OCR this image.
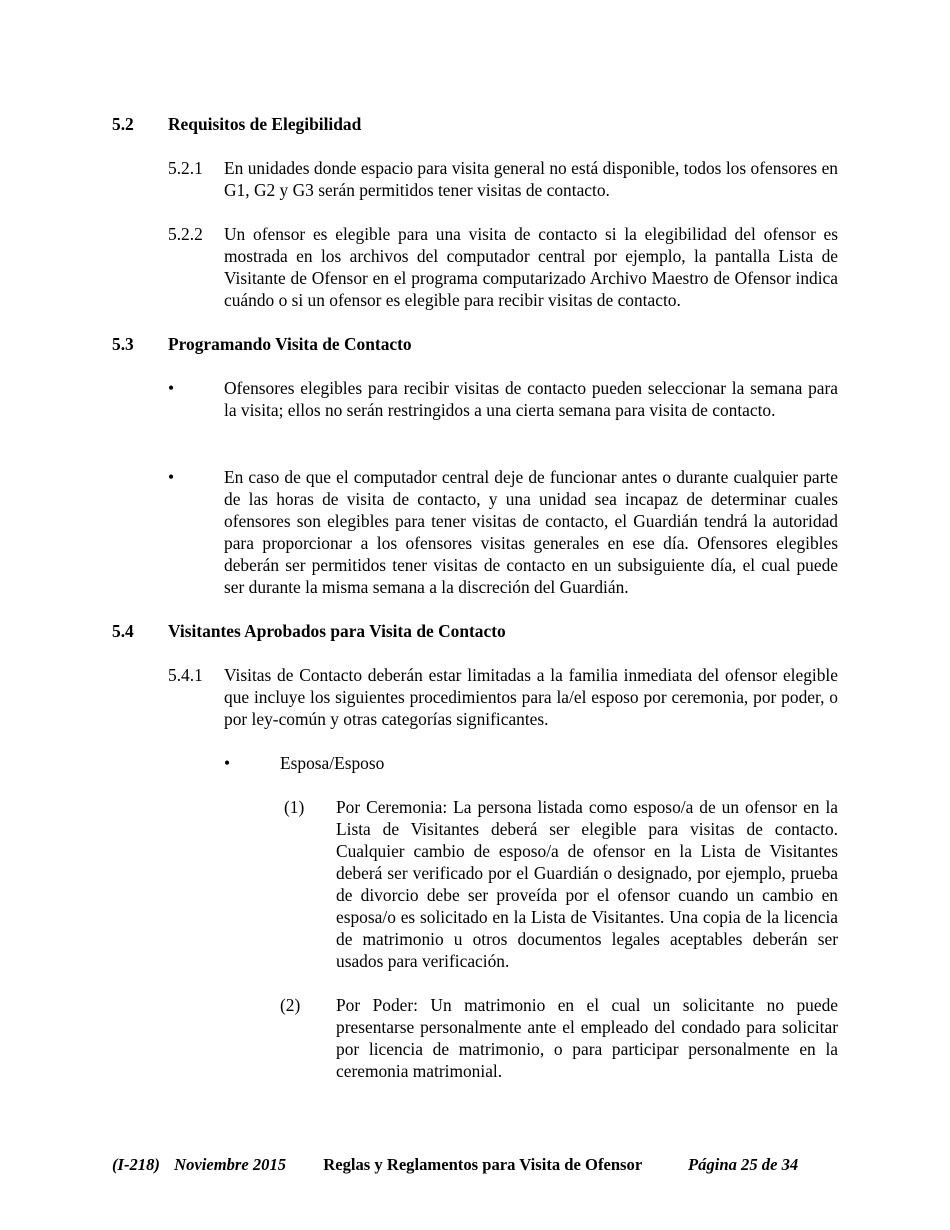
5.2 Requisitos de Elegibilidad
5.2.1 En unidades donde espacio para visita general no está disponible, todos los ofensores en G1, G2 y G3 serán permitidos tener visitas de contacto.
5.2.2 Un ofensor es elegible para una visita de contacto si la elegibilidad del ofensor es mostrada en los archivos del computador central por ejemplo, la pantalla Lista de Visitante de Ofensor en el programa computarizado Archivo Maestro de Ofensor indica cuándo o si un ofensor es elegible para recibir visitas de contacto.
5.3 Programando Visita de Contacto
•	Ofensores elegibles para recibir visitas de contacto pueden seleccionar la semana para la visita; ellos no serán restringidos a una cierta semana para visita de contacto.
•	En caso de que el computador central deje de funcionar antes o durante cualquier parte de las horas de visita de contacto, y una unidad sea incapaz de determinar cuales ofensores son elegibles para tener visitas de contacto, el Guardián tendrá la autoridad para proporcionar a los ofensores visitas generales en ese día. Ofensores elegibles deberán ser permitidos tener visitas de contacto en un subsiguiente día, el cual puede ser durante la misma semana a la discreción del Guardián.
5.4 Visitantes Aprobados para Visita de Contacto
5.4.1 Visitas de Contacto deberán estar limitadas a la familia inmediata del ofensor elegible que incluye los siguientes procedimientos para la/el esposo por ceremonia, por poder, o por ley-común y otras categorías significantes.
•	Esposa/Esposo
(1) Por Ceremonia: La persona listada como esposo/a de un ofensor en la Lista de Visitantes deberá ser elegible para visitas de contacto. Cualquier cambio de esposo/a de ofensor en la Lista de Visitantes deberá ser verificado por el Guardián o designado, por ejemplo, prueba de divorcio debe ser proveída por el ofensor cuando un cambio en esposa/o es solicitado en la Lista de Visitantes. Una copia de la licencia de matrimonio u otros documentos legales aceptables deberán ser usados para verificación.
(2) Por Poder: Un matrimonio en el cual un solicitante no puede presentarse personalmente ante el empleado del condado para solicitar por licencia de matrimonio, o para participar personalmente en la ceremonia matrimonial.
(I-218) Noviembre 2015 Reglas y Reglamentos para Visita de Ofensor	Página 25 de 34
